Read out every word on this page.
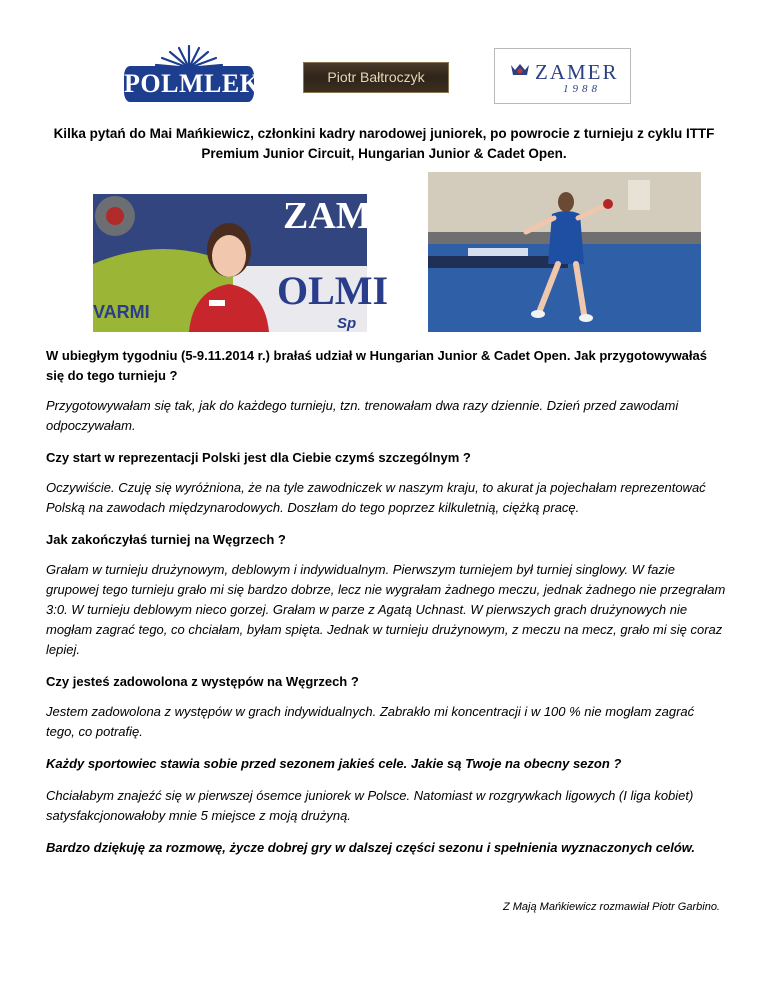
POLMLEK	Piotr Bałtroczyk	ZAMER
1988
Kilka pytań do Mai Mańkiewicz, członkini kadry narodowej juniorek, po powrocie z turnieju z cyklu ITTF Premium Junior Circuit, Hungarian Junior & Cadet Open.
VARMI
ZAMI
OLMI
Sp

W ubiegłym tygodniu (5-9.11.2014 r.) brałaś udział w Hungarian Junior & Cadet Open. Jak przygotowywałaś się do tego turnieju ?

Przygotowywałam się tak, jak do każdego turnieju, tzn. trenowałam dwa razy dziennie. Dzień przed zawodami odpoczywałam.

Czy start w reprezentacji Polski jest dla Ciebie czymś szczególnym ?

Oczywiście. Czuję się wyróżniona, że na tyle zawodniczek w naszym kraju, to akurat ja pojechałam reprezentować Polską na zawodach międzynarodowych. Doszłam do tego poprzez kilkuletnią, ciężką pracę.

Jak zakończyłaś turniej na Węgrzech ?

Grałam w turnieju drużynowym, deblowym i indywidualnym. Pierwszym turniejem był turniej singlowy. W fazie grupowej tego turnieju grało mi się bardzo dobrze, lecz nie wygrałam żadnego meczu, jednak żadnego nie przegrałam 3:0. W turnieju deblowym nieco gorzej. Grałam w parze z Agatą Uchnast. W pierwszych grach drużynowych nie mogłam zagrać tego, co chciałam, byłam spięta. Jednak w turnieju drużynowym, z meczu na mecz, grało mi się coraz lepiej.

Czy jesteś zadowolona z występów na Węgrzech ?

Jestem zadowolona z występów w grach indywidualnych. Zabrakło mi koncentracji i w 100 % nie mogłam zagrać tego, co potrafię.

Każdy sportowiec stawia sobie przed sezonem jakieś cele. Jakie są Twoje na obecny sezon ?

Chciałabym znajeźć się w pierwszej ósemce juniorek w Polsce. Natomiast w rozgrywkach ligowych (I liga kobiet) satysfakcjonowałoby mnie 5 miejsce z moją drużyną.

Bardzo dziękuję za rozmowę, życze dobrej gry w dalszej części sezonu i spełnienia wyznaczonych celów.

Z Mają Mańkiewicz rozmawiał Piotr Garbino.
